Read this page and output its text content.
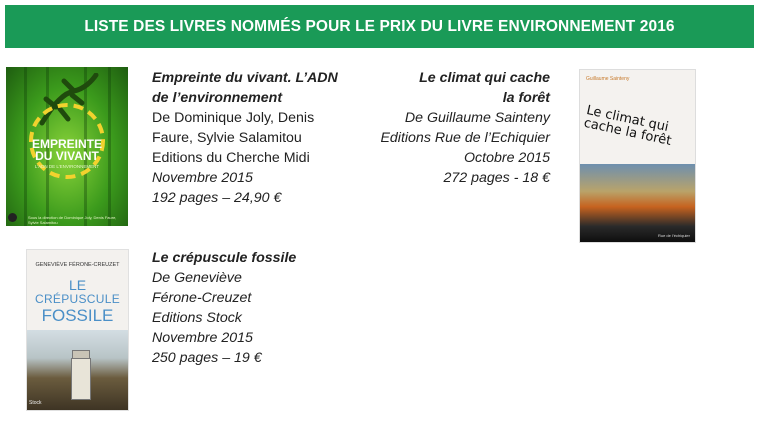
LISTE DES LIVRES NOMMÉS POUR LE PRIX DU LIVRE ENVIRONNEMENT 2016
EMPREINTE
DU VIVANT
L’ADN DE L’ENVIRONNEMENT
Sous la direction de Dominique Joly, Denis Faure, Sylvie Salamitou
Empreinte du vivant. L’ADN
de l’environnement
De Dominique Joly, Denis
Faure, Sylvie Salamitou
Editions du Cherche Midi
Novembre 2015
192 pages – 24,90 €
Le climat qui cache
la forêt
De Guillaume Sainteny
Editions Rue de l’Echiquier
Octobre 2015
272 pages - 18 €
Guillaume Sainteny
Le climat qui cache la forêt
Rue de l’échiquier
GENEVIÈVE FÉRONE-CREUZET
LE
CRÉPUSCULE
FOSSILE
Stock
Le crépuscule fossile
De Geneviève
Férone-Creuzet
Editions Stock
Novembre 2015
250 pages – 19 €
